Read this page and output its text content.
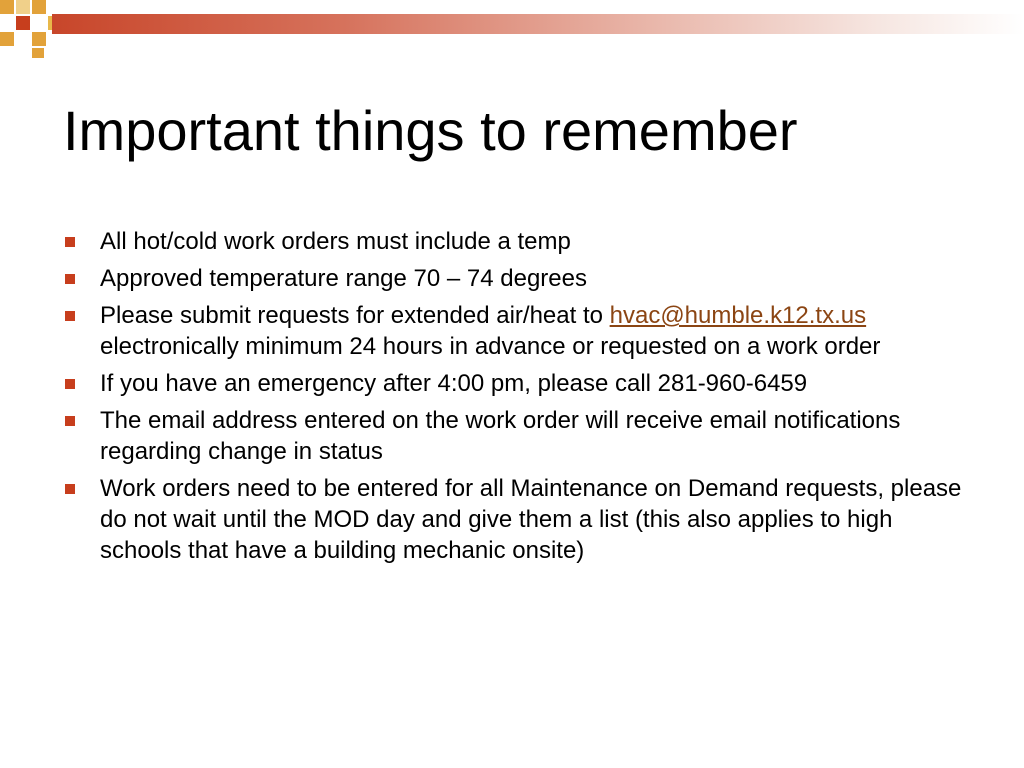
Important things to remember
All hot/cold work orders must include a temp
Approved temperature range 70 – 74 degrees
Please submit requests for extended air/heat to hvac@humble.k12.tx.us electronically minimum 24 hours in advance or requested on a work order
If you have an emergency after 4:00 pm, please call 281-960-6459
The email address entered on the work order will receive email notifications regarding change in status
Work orders need to be entered for all Maintenance on Demand requests, please do not wait until the MOD day and give them a list (this also applies to high schools that have a building mechanic onsite)
